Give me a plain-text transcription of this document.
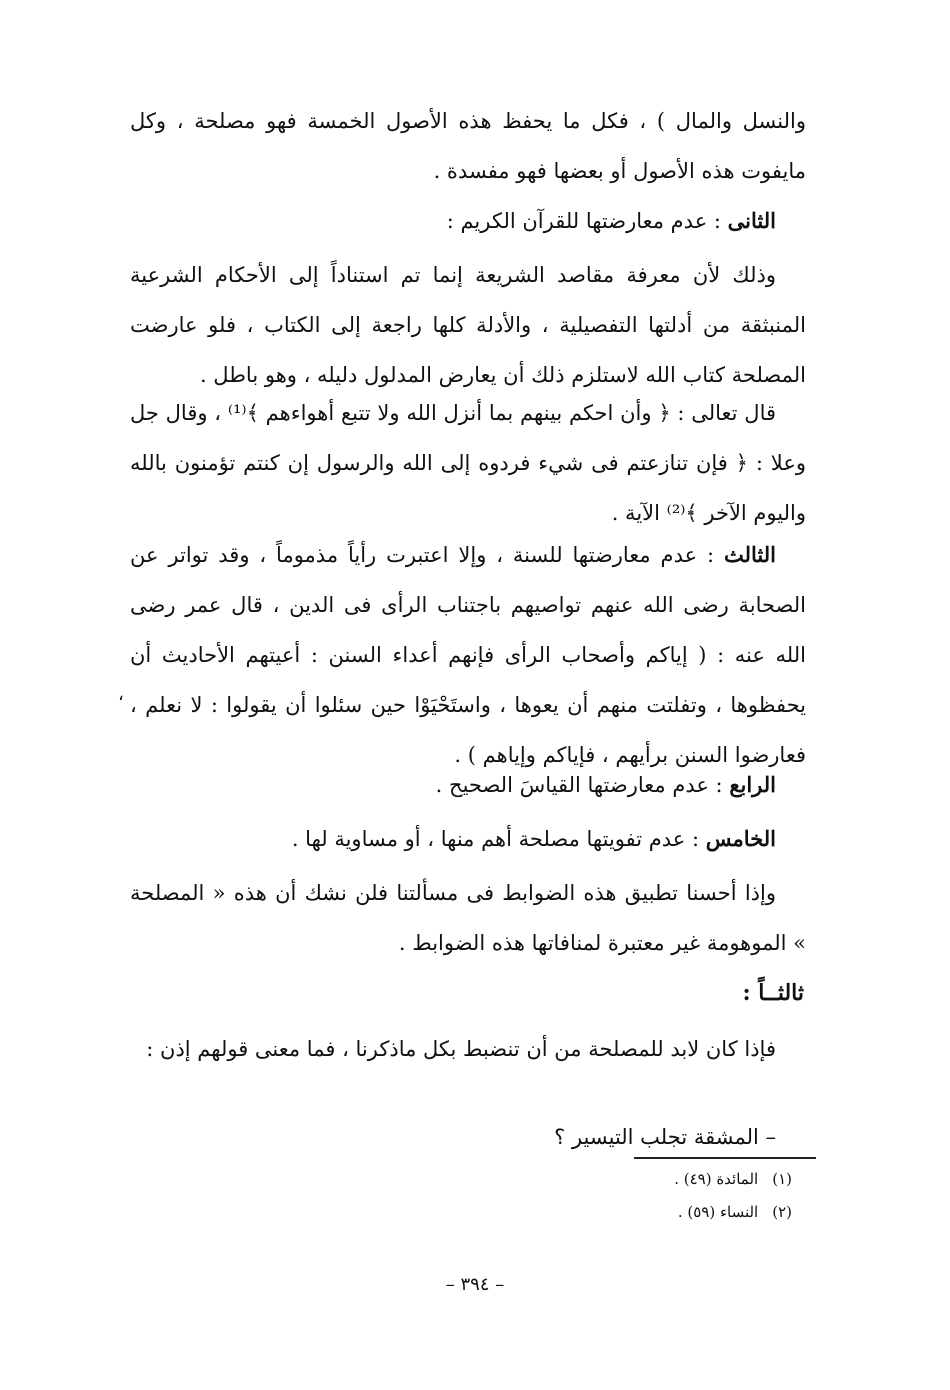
والنسل والمال ) ، فكل ما يحفظ هذه الأصول الخمسة فهو مصلحة ، وكل مايفوت هذه الأصول أو بعضها فهو مفسدة .

الثانى : عدم معارضتها للقرآن الكريم :

وذلك لأن معرفة مقاصد الشريعة إنما تم استناداً إلى الأحكام الشرعية المنبثقة من أدلتها التفصيلية ، والأدلة كلها راجعة إلى الكتاب ، فلو عارضت المصلحة كتاب الله لاستلزم ذلك أن يعارض المدلول دليله ، وهو باطل .

قال تعالى : ﴿ وأن احكم بينهم بما أنزل الله ولا تتبع أهواءهم ﴾⁽¹⁾ ، وقال جل وعلا : ﴿ فإن تنازعتم فى شيء فردوه إلى الله والرسول إن كنتم تؤمنون بالله واليوم الآخر ﴾⁽²⁾ الآية .

الثالث : عدم معارضتها للسنة ، وإلا اعتبرت رأياً مذموماً ، وقد تواتر عن الصحابة رضى الله عنهم تواصيهم باجتناب الرأى فى الدين ، قال عمر رضى الله عنه : ( إياكم وأصحاب الرأى فإنهم أعداء السنن : أعيتهم الأحاديث أن يحفظوها ، وتفلتت منهم أن يعوها ، واستَحْيَوْا حين سئلوا أن يقولوا : لا نعلم ، فعارضوا السنن برأيهم ، فإياكم وإياهم ) .

الرابع : عدم معارضتها القياسَ الصحيح .

الخامس : عدم تفويتها مصلحة أهم منها ، أو مساوية لها .

وإذا أحسنا تطبيق هذه الضوابط فى مسألتنا فلن نشك أن هذه « المصلحة » الموهومة غير معتبرة لمنافاتها هذه الضوابط .

ثالثــاً :

فإذا كان لابد للمصلحة من أن تنضبط بكل ماذكرنا ، فما معنى قولهم إذن :

– المشقة تجلب التيسير ؟

(١)المائدة (٤٩) .
(٢)النساء (٥٩) .
،
– ٣٩٤ –
